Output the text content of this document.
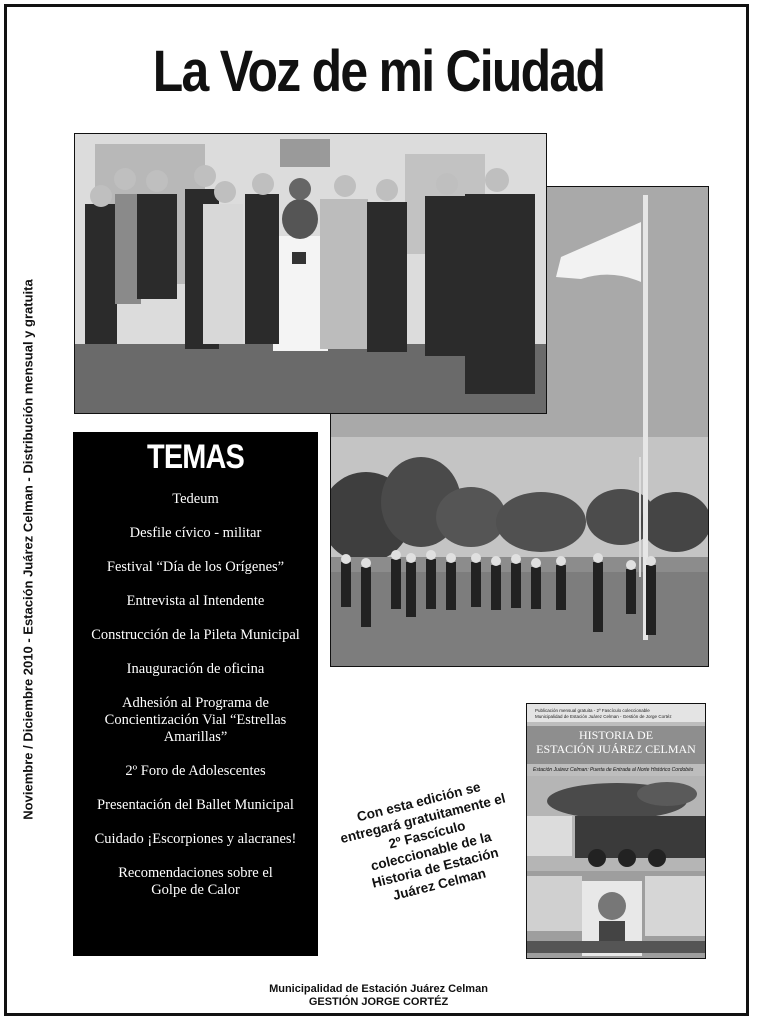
La Voz de mi Ciudad
Noviembre / Diciembre 2010 - Estación Juárez Celman - Distribución mensual y gratuita	TEMAS
Tedeum
Desfile cívico - militar
Festival “Día de los Orígenes”
Entrevista al Intendente
Construcción de la Pileta Municipal
Inauguración de oficina
Adhesión al Programa de Concientización Vial “Estrellas Amarillas”
2º Foro de Adolescentes
Presentación del Ballet Municipal
Cuidado ¡Escorpiones y alacranes!
Recomendaciones sobre el Golpe de Calor
Con esta edición se entregará gratuitamente el 2º Fascículo coleccionable de la Historia de Estación Juárez Celman
Publicación mensual gratuita - 2º Fascículo coleccionable
Municipalidad de Estación Juárez Celman - Gestión de Jorge Cortéz
HISTORIA DE
ESTACIÓN JUÁREZ CELMAN
Estación Juárez Celman: Puerta de Entrada al Norte Histórico Cordobés
Municipalidad de Estación Juárez Celman
GESTIÓN JORGE CORTÉZ
